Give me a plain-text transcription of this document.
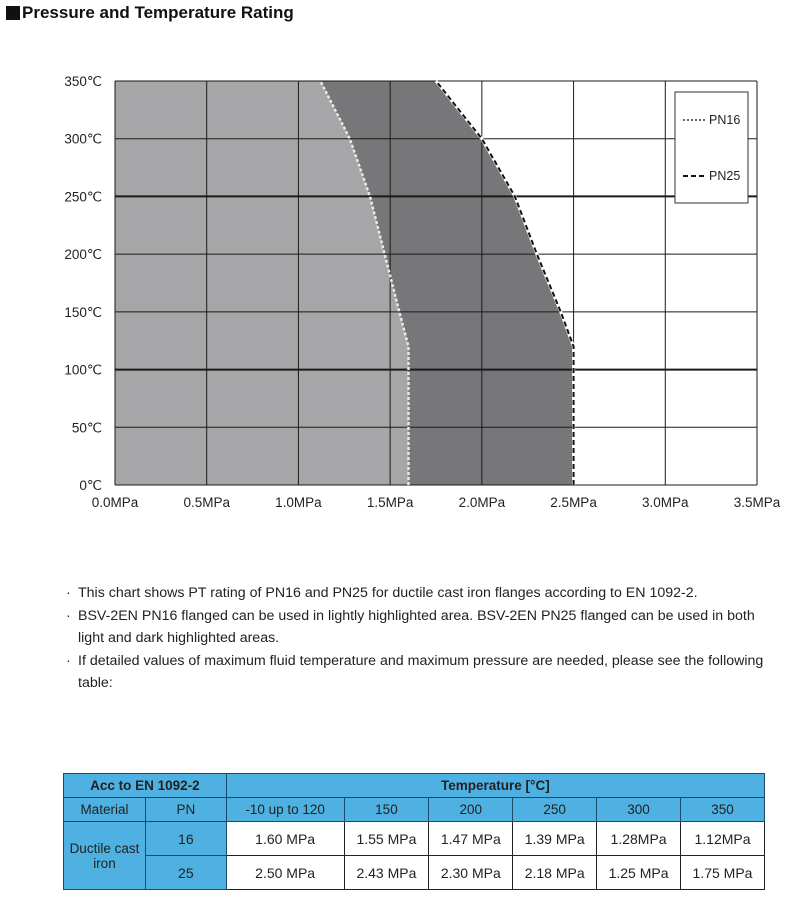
Pressure and Temperature Rating
0.0MPa	0.5MPa	1.0MPa	1.5MPa	2.0MPa	2.5MPa	3.0MPa	3.5MPa
0℃
50℃
100℃
150℃
200℃
250℃
300℃
350℃
PN16
PN25
· This chart shows PT rating of PN16 and PN25 for ductile cast iron flanges according to EN 1092-2.
· BSV-2EN PN16 flanged can be used in lightly highlighted area. BSV-2EN PN25 flanged can be used in both light and dark highlighted areas.
· If detailed values of maximum fluid temperature and maximum pressure are needed, please see the following table:
Acc to EN 1092-2		Temperature [°C]					
Material	PN	-10 up to 120	150	200	250	300	350
Ductile cast iron	16	1.60 MPa	1.55 MPa	1.47 MPa	1.39 MPa	1.28MPa	1.12MPa
	25	2.50 MPa	2.43 MPa	2.30 MPa	2.18 MPa	1.25 MPa	1.75 MPa
